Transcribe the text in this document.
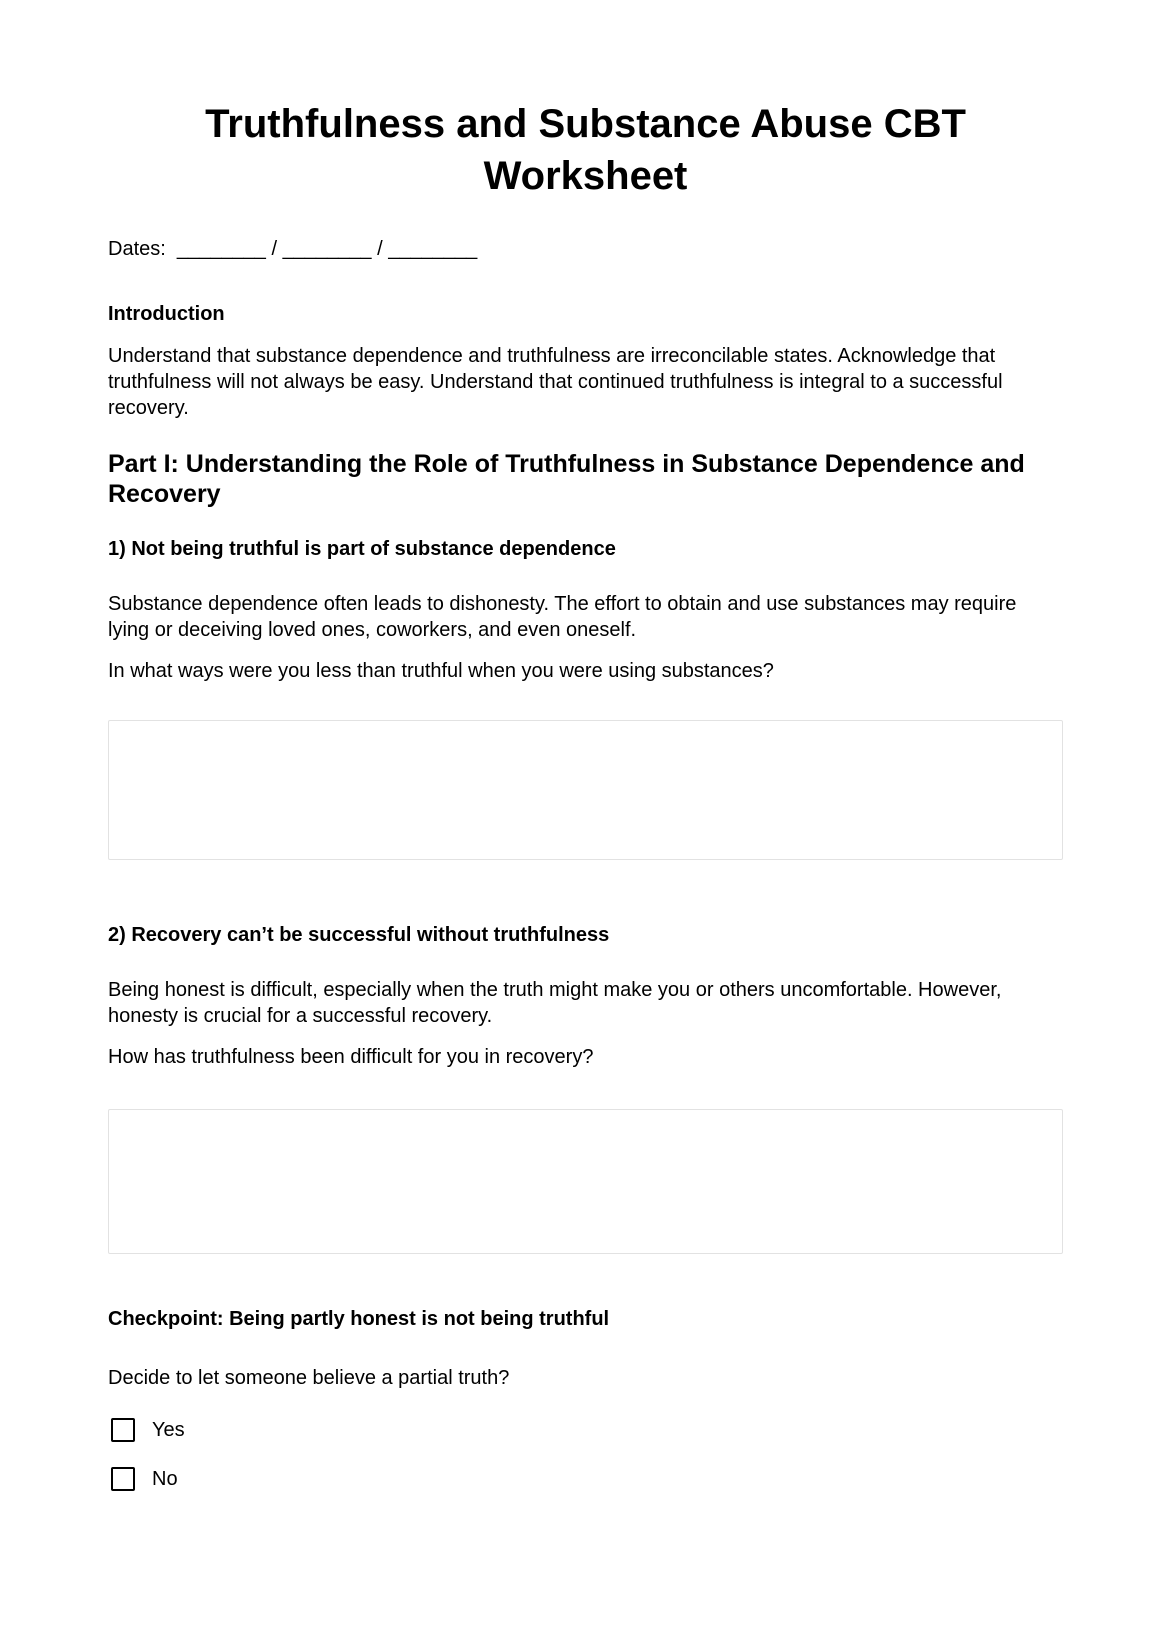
Truthfulness and Substance Abuse CBT Worksheet
Dates:  ________ / ________ / ________
Introduction

Understand that substance dependence and truthfulness are irreconcilable states. Acknowledge that truthfulness will not always be easy. Understand that continued truthfulness is integral to a successful recovery.

Part I: Understanding the Role of Truthfulness in Substance Dependence and Recovery
1) Not being truthful is part of substance dependence

Substance dependence often leads to dishonesty. The effort to obtain and use substances may require lying or deceiving loved ones, coworkers, and even oneself.

In what ways were you less than truthful when you were using substances?

2) Recovery can’t be successful without truthfulness

Being honest is difficult, especially when the truth might make you or others uncomfortable. However, honesty is crucial for a successful recovery.

How has truthfulness been difficult for you in recovery?

Checkpoint: Being partly honest is not being truthful

Decide to let someone believe a partial truth?

Yes
No
